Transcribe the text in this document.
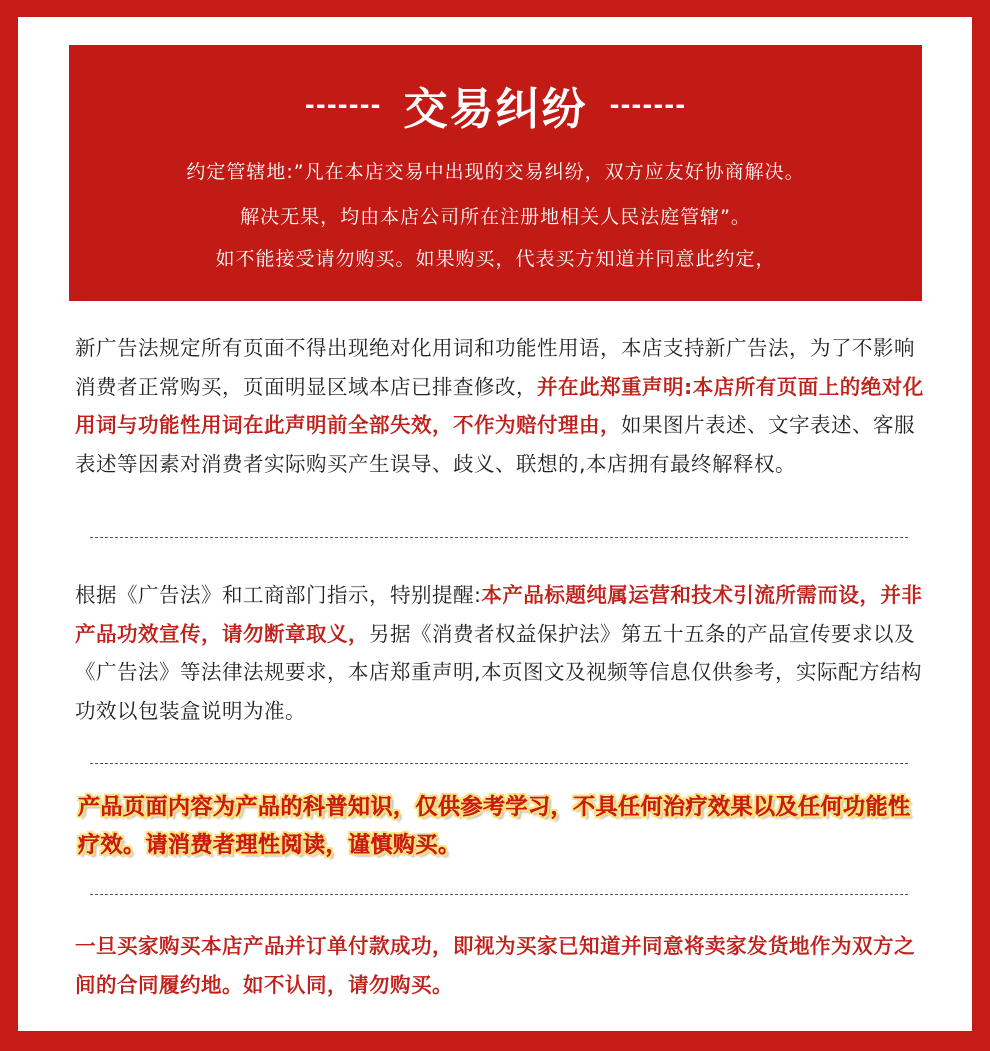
------- 交易纠纷 -------
约定管辖地:”凡在本店交易中出现的交易纠纷，双方应友好协商解决。
解决无果，均由本店公司所在注册地相关人民法庭管辖”。
如不能接受请勿购买。如果购买，代表买方知道并同意此约定，
新广告法规定所有页面不得出现绝对化用词和功能性用语，本店支持新广告法，为了不影响消费者正常购买，页面明显区域本店已排查修改，并在此郑重声明:本店所有页面上的绝对化用词与功能性用词在此声明前全部失效，不作为赔付理由，如果图片表述、文字表述、客服表述等因素对消费者实际购买产生误导、歧义、联想的,本店拥有最终解释权。
根据《广告法》和工商部门指示，特别提醒:本产品标题纯属运营和技术引流所需而设，并非产品功效宣传，请勿断章取义，另据《消费者权益保护法》第五十五条的产品宣传要求以及《广告法》等法律法规要求，本店郑重声明,本页图文及视频等信息仅供参考，实际配方结构功效以包装盒说明为准。
产品页面内容为产品的科普知识，仅供参考学习，不具任何治疗效果以及任何功能性疗效。请消费者理性阅读，谨慎购买。
一旦买家购买本店产品并订单付款成功，即视为买家已知道并同意将卖家发货地作为双方之间的合同履约地。如不认同，请勿购买。
